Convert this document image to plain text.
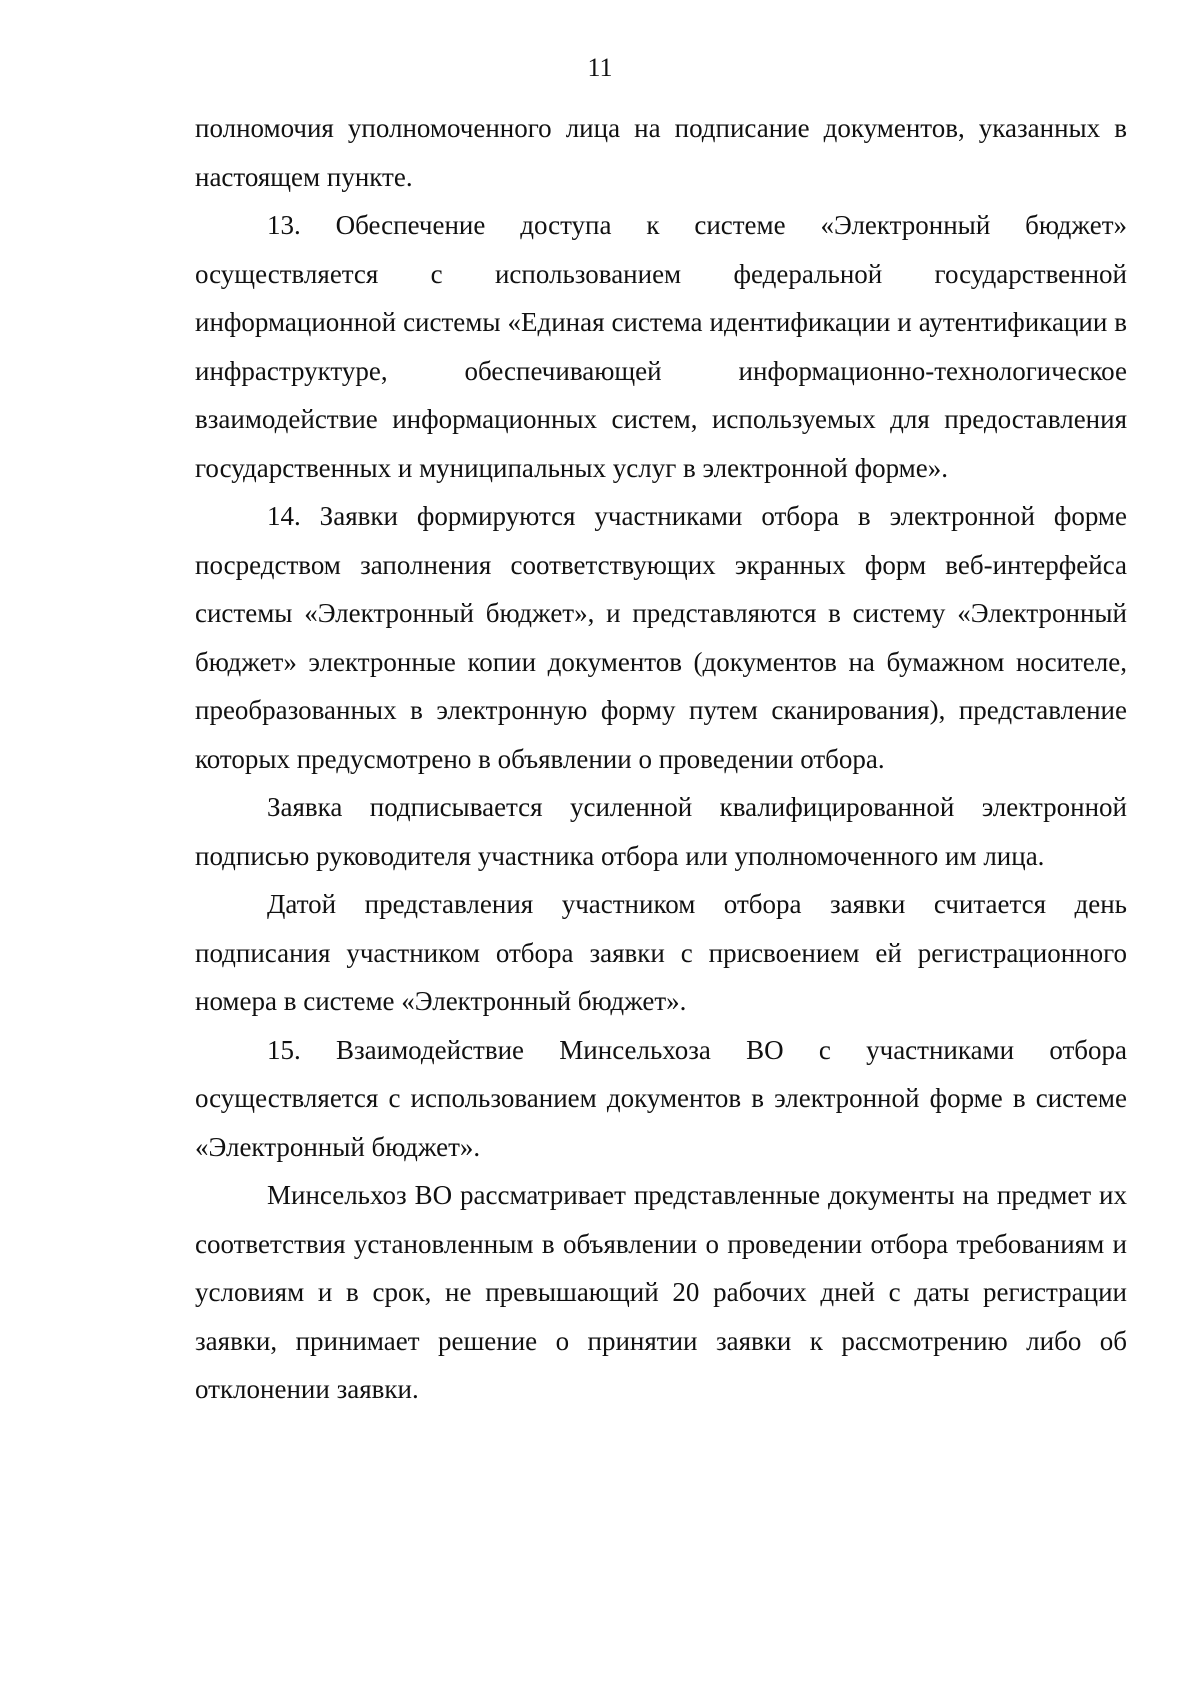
11

полномочия уполномоченного лица на подписание документов, указанных в настоящем пункте.

13. Обеспечение доступа к системе «Электронный бюджет» осуществляется с использованием федеральной государственной информационной системы «Единая система идентификации и аутентификации в инфраструктуре, обеспечивающей информационно-технологическое взаимодействие информационных систем, используемых для предоставления государственных и муниципальных услуг в электронной форме».

14. Заявки формируются участниками отбора в электронной форме посредством заполнения соответствующих экранных форм веб-интерфейса системы «Электронный бюджет», и представляются в систему «Электронный бюджет» электронные копии документов (документов на бумажном носителе, преобразованных в электронную форму путем сканирования), представление которых предусмотрено в объявлении о проведении отбора.

Заявка подписывается усиленной квалифицированной электронной подписью руководителя участника отбора или уполномоченного им лица.

Датой представления участником отбора заявки считается день подписания участником отбора заявки с присвоением ей регистрационного номера в системе «Электронный бюджет».

15. Взаимодействие Минсельхоза ВО с участниками отбора осуществляется с использованием документов в электронной форме в системе «Электронный бюджет».

Минсельхоз ВО рассматривает представленные документы на предмет их соответствия установленным в объявлении о проведении отбора требованиям и условиям и в срок, не превышающий 20 рабочих дней с даты регистрации заявки, принимает решение о принятии заявки к рассмотрению либо об отклонении заявки.
